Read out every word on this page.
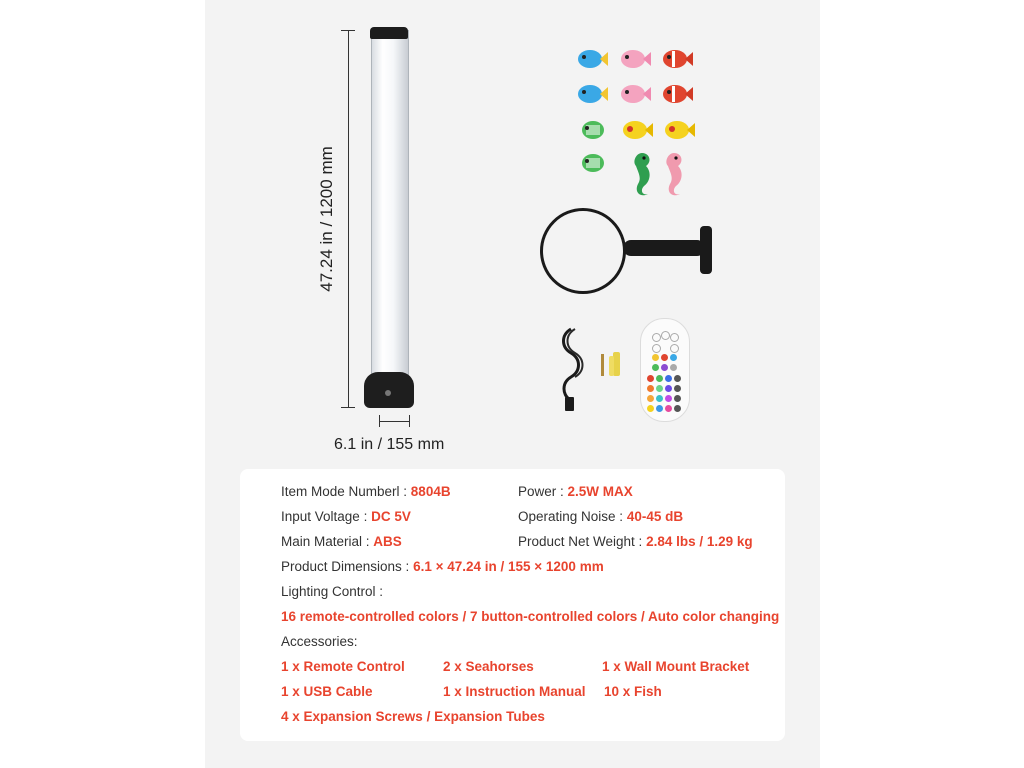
47.24 in / 1200 mm
6.1 in / 155 mm
Item Mode Numberl : 8804B	Power : 2.5W MAX
Input Voltage : DC 5V	Operating Noise : 40-45 dB
Main Material : ABS	Product Net Weight : 2.84 lbs / 1.29 kg
Product Dimensions : 6.1 × 47.24 in / 155 × 1200 mm
Lighting Control :
16 remote-controlled colors / 7 button-controlled colors / Auto color changing
Accessories:
1 x Remote Control	2 x Seahorses	1 x Wall Mount Bracket
1 x USB Cable	1 x Instruction Manual 10 x Fish
4 x Expansion Screws / Expansion Tubes
